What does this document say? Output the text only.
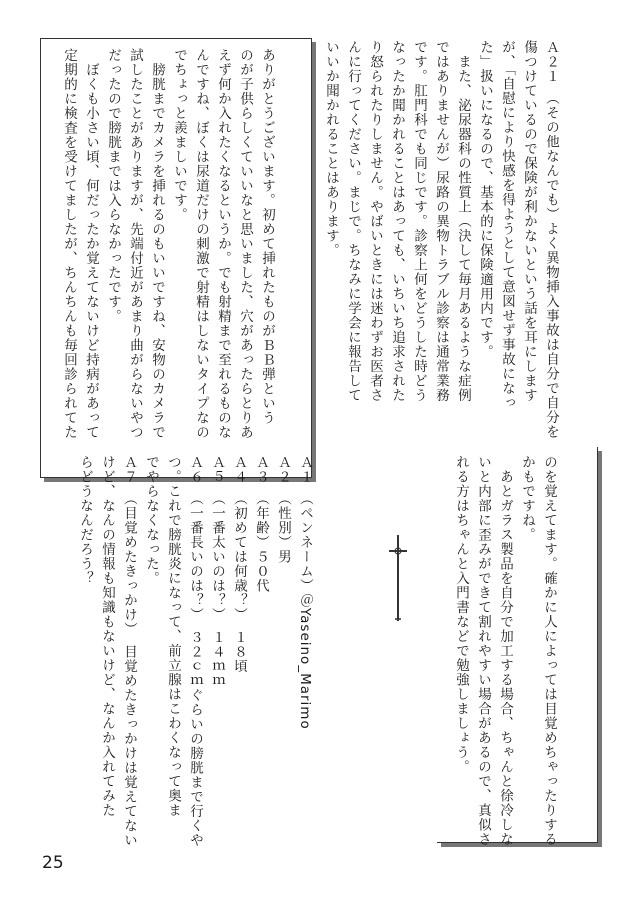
Ａ２１　（その他なんでも）よく異物挿入事故は自分で自分を
傷つけているので保険が利かないという話を耳にします
が、「自慰により快感を得ようとして意図せず事故になっ
た」扱いになるので、基本的に保険適用内です。
　また、泌尿器科の性質上（決して毎月あるような症例
ではありませんが）尿路の異物トラブル診察は通常業務
です。肛門科でも同じです。診察上何をどうした時どう
なったか聞かれることはあっても、いちいち追求された
り怒られたりしません。やばいときには迷わずお医者さ
んに行ってください。まじで。ちなみに学会に報告して
いいか聞かれることはあります。
ありがとうございます。初めて挿れたものがＢＢ弾という
のが子供らしくていいなと思いました、穴があったらとりあ
えず何か入れたくなるというか。でも射精まで至れるものな
んですね、ぼくは尿道だけの刺激で射精はしないタイプなの
でちょっと羨ましいです。
　膀胱までカメラを挿れるのもいいですね、安物のカメラで
試したことがありますが、先端付近があまり曲がらないやつ
だったので膀胱までは入らなかったです。
　ぼくも小さい頃、何だったか覚えてないけど持病があって
定期的に検査を受けてましたが、ちんちんも毎回診られてた
のを覚えてます。確かに人によっては目覚めちゃったりする
かもですね。
　あとガラス製品を自分で加工する場合、ちゃんと徐冷しな
いと内部に歪みができて割れやすい場合があるので、真似さ
れる方はちゃんと入門書などで勉強しましょう。
Ａ１　（ペンネーム）＠Yaseino_Marimo
Ａ２　（性別）男
Ａ３　（年齢）５０代
Ａ４　（初めては何歳？）　１８頃
Ａ５　（一番太いのは？）　１４ｍｍ
Ａ６　（一番長いのは？）　３２ｃｍぐらいの膀胱まで行くや
つ。これで膀胱炎になって、前立腺はこわくなって奥ま
でやらなくなった。
Ａ７　（目覚めたきっかけ）　目覚めたきっかけは覚えてない
けど、なんの情報も知識もないけど、なんか入れてみた
らどうなんだろう？
25
